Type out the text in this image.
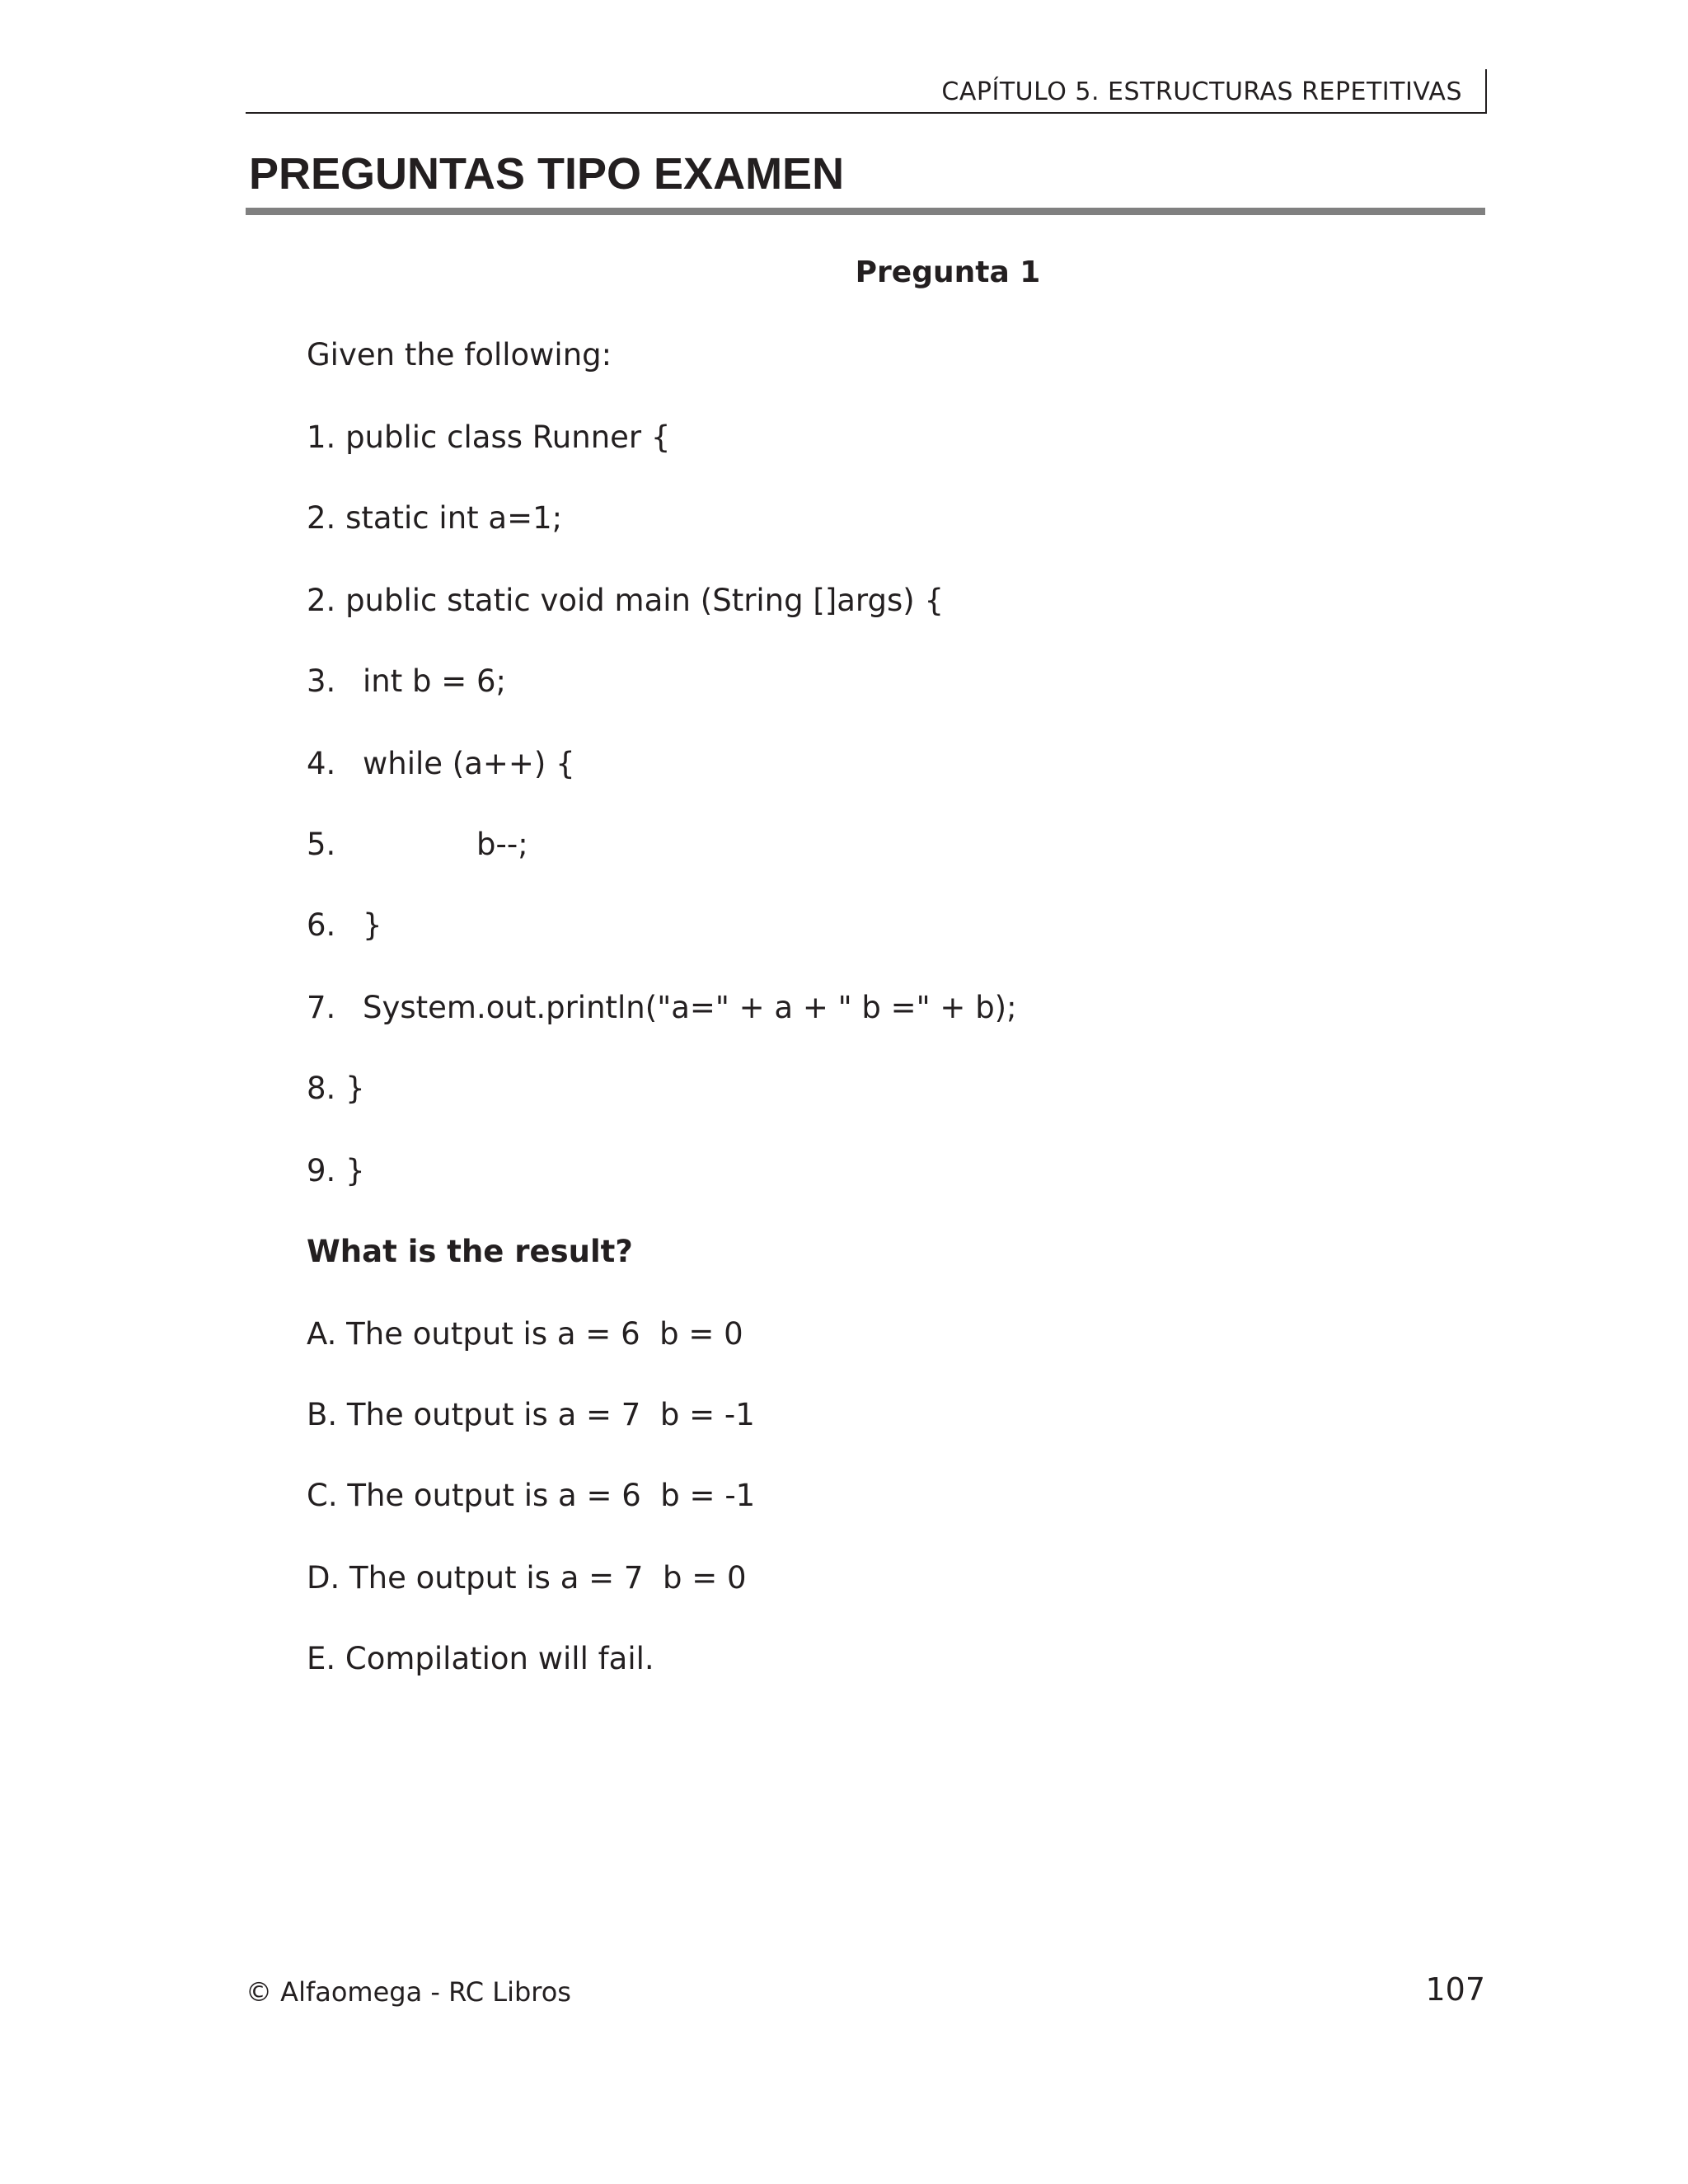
CAPÍTULO 5. ESTRUCTURAS REPETITIVAS
PREGUNTAS TIPO EXAMEN
Pregunta 1
Given the following:
1. public class Runner {
2. static int a=1;
2. public static void main (String []args) {
3. int b = 6;
4. while (a++) {
5.	b--;
6. }
7. System.out.println("a=" + a + " b =" + b);
8. }
9. }
What is the result?
A. The output is a = 6  b = 0
B. The output is a = 7  b = -1
C. The output is a = 6  b = -1
D. The output is a = 7  b = 0
E. Compilation will fail.
© Alfaomega - RC Libros	107
